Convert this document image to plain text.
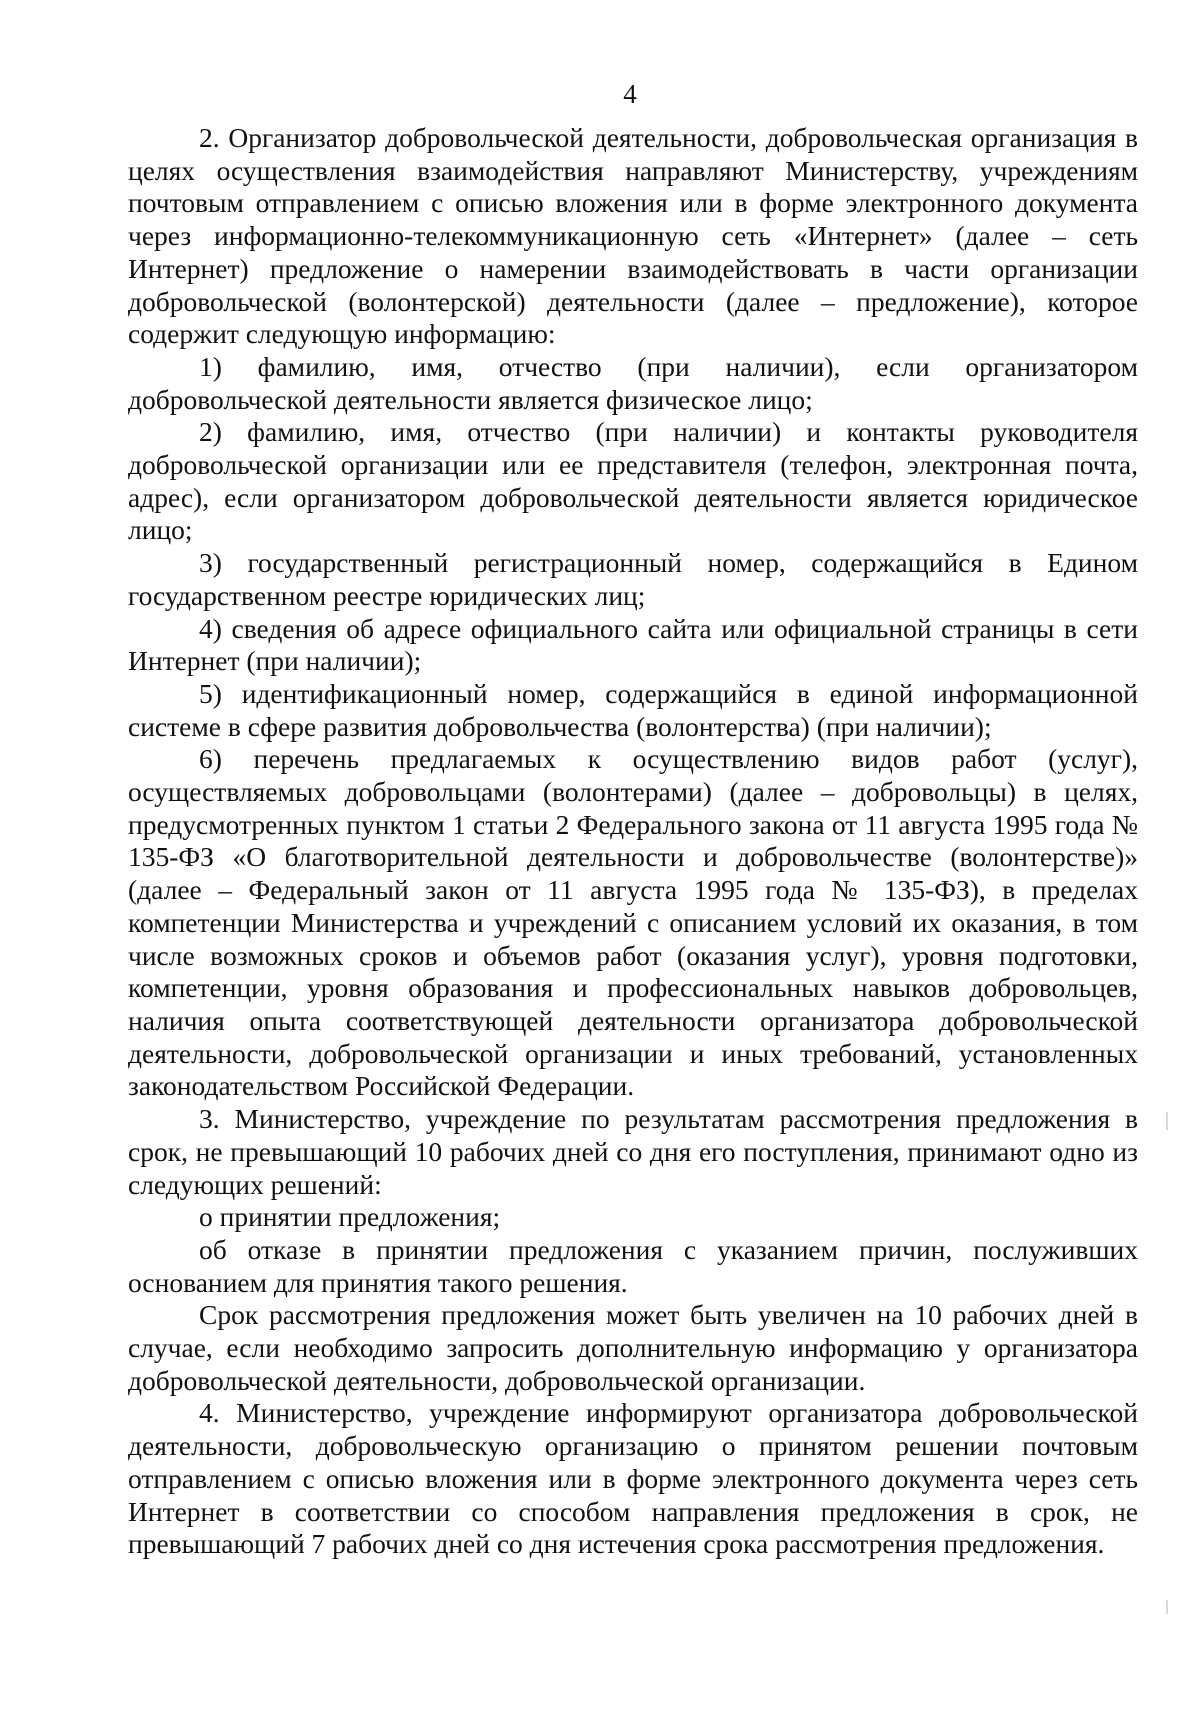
4

2. Организатор добровольческой деятельности, добровольческая организация в целях осуществления взаимодействия направляют Министерству, учреждениям почтовым отправлением с описью вложения или в форме электронного документа через информационно-телекоммуникационную сеть «Интернет» (далее – сеть Интернет) предложение о намерении взаимодействовать в части организации добровольческой (волонтерской) деятельности (далее – предложение), которое содержит следующую информацию:

1) фамилию, имя, отчество (при наличии), если организатором добровольческой деятельности является физическое лицо;

2) фамилию, имя, отчество (при наличии) и контакты руководителя добровольческой организации или ее представителя (телефон, электронная почта, адрес), если организатором добровольческой деятельности является юридическое лицо;

3) государственный регистрационный номер, содержащийся в Едином государственном реестре юридических лиц;

4) сведения об адресе официального сайта или официальной страницы в сети Интернет (при наличии);

5) идентификационный номер, содержащийся в единой информационной системе в сфере развития добровольчества (волонтерства) (при наличии);

6) перечень предлагаемых к осуществлению видов работ (услуг), осуществляемых добровольцами (волонтерами) (далее – добровольцы) в целях, предусмотренных пунктом 1 статьи 2 Федерального закона от 11 августа 1995 года № 135-ФЗ «О благотворительной деятельности и добровольчестве (волонтерстве)» (далее – Федеральный закон от 11 августа 1995 года № 135-ФЗ), в пределах компетенции Министерства и учреждений с описанием условий их оказания, в том числе возможных сроков и объемов работ (оказания услуг), уровня подготовки, компетенции, уровня образования и профессиональных навыков добровольцев, наличия опыта соответствующей деятельности организатора добровольческой деятельности, добровольческой организации и иных требований, установленных законодательством Российской Федерации.

3. Министерство, учреждение по результатам рассмотрения предложения в срок, не превышающий 10 рабочих дней со дня его поступления, принимают одно из следующих решений:

о принятии предложения;

об отказе в принятии предложения с указанием причин, послуживших основанием для принятия такого решения.

Срок рассмотрения предложения может быть увеличен на 10 рабочих дней в случае, если необходимо запросить дополнительную информацию у организатора добровольческой деятельности, добровольческой организации.

4. Министерство, учреждение информируют организатора добровольческой деятельности, добровольческую организацию о принятом решении почтовым отправлением с описью вложения или в форме электронного документа через сеть Интернет в соответствии со способом направления предложения в срок, не превышающий 7 рабочих дней со дня истечения срока рассмотрения предложения.
